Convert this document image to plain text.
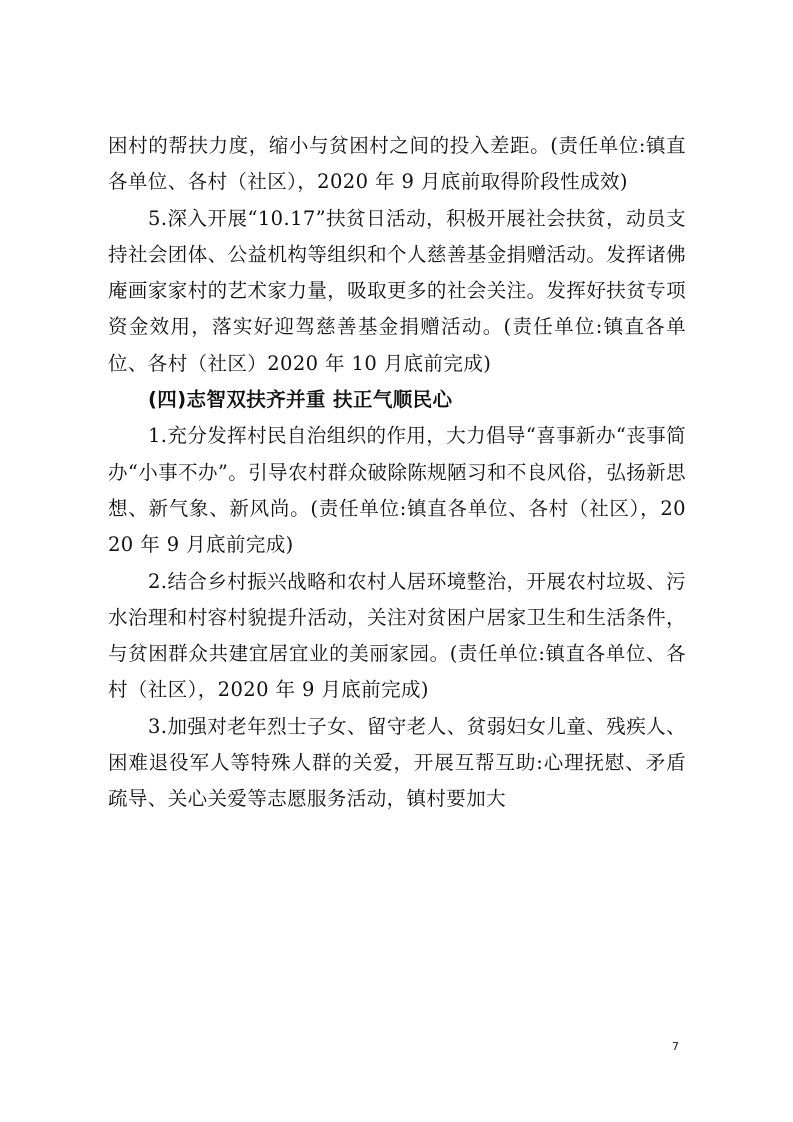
困村的帮扶力度，缩小与贫困村之间的投入差距。(责任单位:镇直各单位、各村（社区），2020 年 9 月底前取得阶段性成效)

5.深入开展“10.17”扶贫日活动，积极开展社会扶贫，动员支持社会团体、公益机构等组织和个人慈善基金捐赠活动。发挥诸佛庵画家家村的艺术家力量，吸取更多的社会关注。发挥好扶贫专项资金效用，落实好迎驾慈善基金捐赠活动。(责任单位:镇直各单位、各村（社区）2020 年 10 月底前完成)

(四)志智双扶齐并重 扶正气顺民心

1.充分发挥村民自治组织的作用，大力倡导“喜事新办“丧事简办“小事不办”。引导农村群众破除陈规陋习和不良风俗，弘扬新思想、新气象、新风尚。(责任单位:镇直各单位、各村（社区），2020 年 9 月底前完成)

2.结合乡村振兴战略和农村人居环境整治，开展农村垃圾、污水治理和村容村貌提升活动，关注对贫困户居家卫生和生活条件，与贫困群众共建宜居宜业的美丽家园。(责任单位:镇直各单位、各村（社区），2020 年 9 月底前完成)

3.加强对老年烈士子女、留守老人、贫弱妇女儿童、残疾人、困难退役军人等特殊人群的关爱，开展互帮互助:心理抚慰、矛盾疏导、关心关爱等志愿服务活动，镇村要加大

7
